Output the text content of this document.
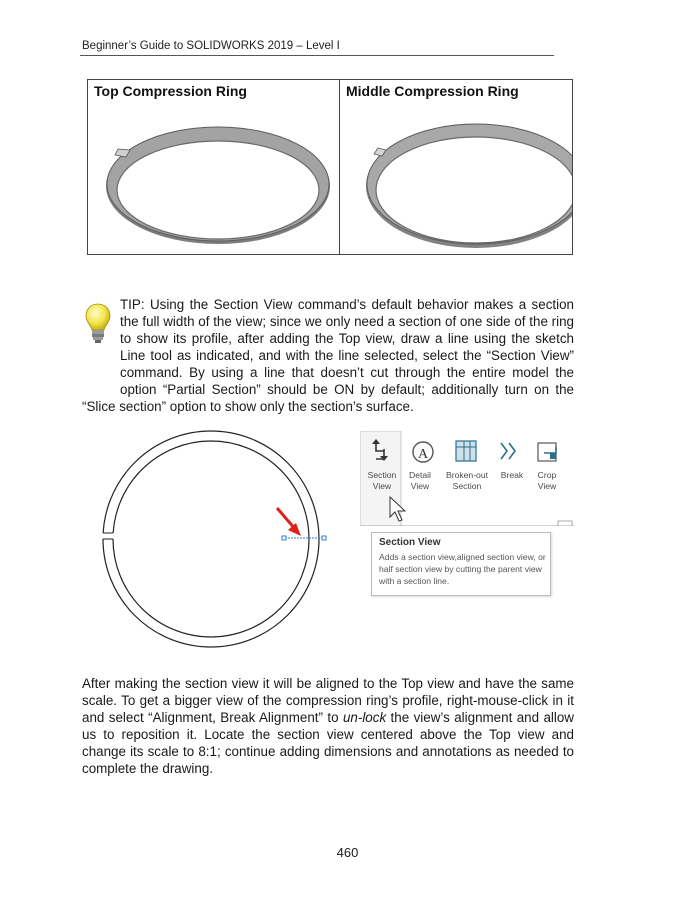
Beginner’s Guide to SOLIDWORKS 2019 – Level I
Top Compression Ring	Middle Compression Ring

TIP: Using the Section View command’s default behavior makes a section the full width of the view; since we only need a section of one side of the ring to show its profile, after adding the Top view, draw a line using the sketch Line tool as indicated, and with the line selected, select the “Section View” command. By using a line that doesn’t cut through the entire model the option “Partial Section” should be ON by default; additionally turn on the “Slice section” option to show only the section’s surface.

A
Section
View
Detail
View
Broken-out
Section
Break	Crop
View
Section View
Adds a section view,aligned section view, or half section view by cutting the parent view with a section line.

After making the section view it will be aligned to the Top view and have the same scale. To get a bigger view of the compression ring’s profile, right-mouse-click in it and select “Alignment, Break Alignment” to un-lock the view’s alignment and allow us to reposition it. Locate the section view centered above the Top view and change its scale to 8:1; continue adding dimensions and annotations as needed to complete the drawing.

460
